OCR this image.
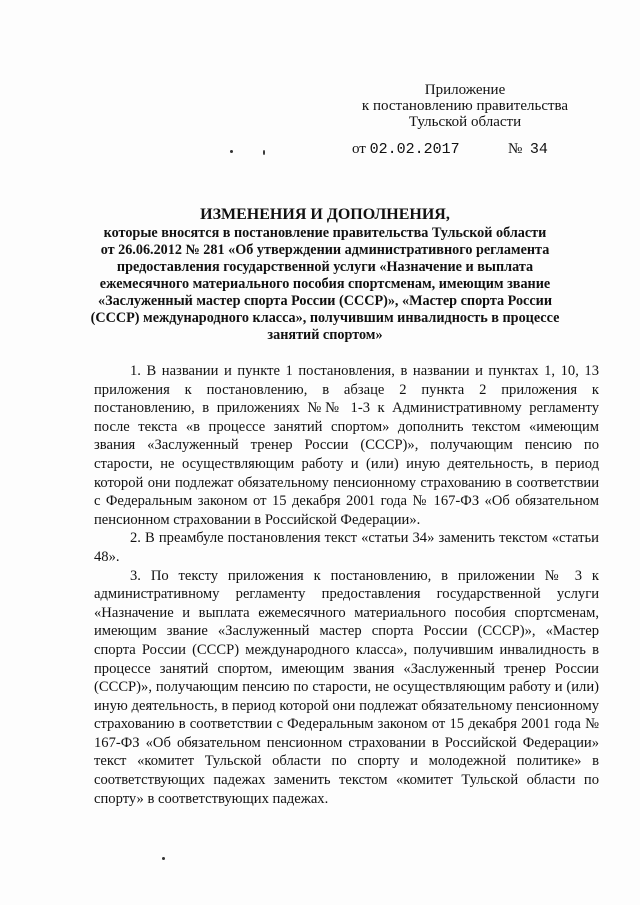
Приложение
к постановлению правительства
Тульской области
от 02.02.2017	№ 34
ИЗМЕНЕНИЯ И ДОПОЛНЕНИЯ,
которые вносятся в постановление правительства Тульской области
от 26.06.2012 № 281 «Об утверждении административного регламента
предоставления государственной услуги «Назначение и выплата
ежемесячного материального пособия спортсменам, имеющим звание
«Заслуженный мастер спорта России (СССР)», «Мастер спорта России
(СССР) международного класса», получившим инвалидность в процессе
занятий спортом»

1. В названии и пункте 1 постановления, в названии и пунктах 1, 10, 13 приложения к постановлению, в абзаце 2 пункта 2 приложения к постановлению, в приложениях №№ 1-3 к Административному регламенту после текста «в процессе занятий спортом» дополнить текстом «имеющим звания «Заслуженный тренер России (СССР)», получающим пенсию по старости, не осуществляющим работу и (или) иную деятельность, в период которой они подлежат обязательному пенсионному страхованию в соответствии с Федеральным законом от 15 декабря 2001 года № 167-ФЗ «Об обязательном пенсионном страховании в Российской Федерации».

2. В преамбуле постановления текст «статьи 34» заменить текстом «статьи 48».

3. По тексту приложения к постановлению, в приложении № 3 к административному регламенту предоставления государственной услуги «Назначение и выплата ежемесячного материального пособия спортсменам, имеющим звание «Заслуженный мастер спорта России (СССР)», «Мастер спорта России (СССР) международного класса», получившим инвалидность в процессе занятий спортом, имеющим звания «Заслуженный тренер России (СССР)», получающим пенсию по старости, не осуществляющим работу и (или) иную деятельность, в период которой они подлежат обязательному пенсионному страхованию в соответствии с Федеральным законом от 15 декабря 2001 года № 167-ФЗ «Об обязательном пенсионном страховании в Российской Федерации» текст «комитет Тульской области по спорту и молодежной политике» в соответствующих падежах заменить текстом «комитет Тульской области по спорту» в соответствующих падежах.
